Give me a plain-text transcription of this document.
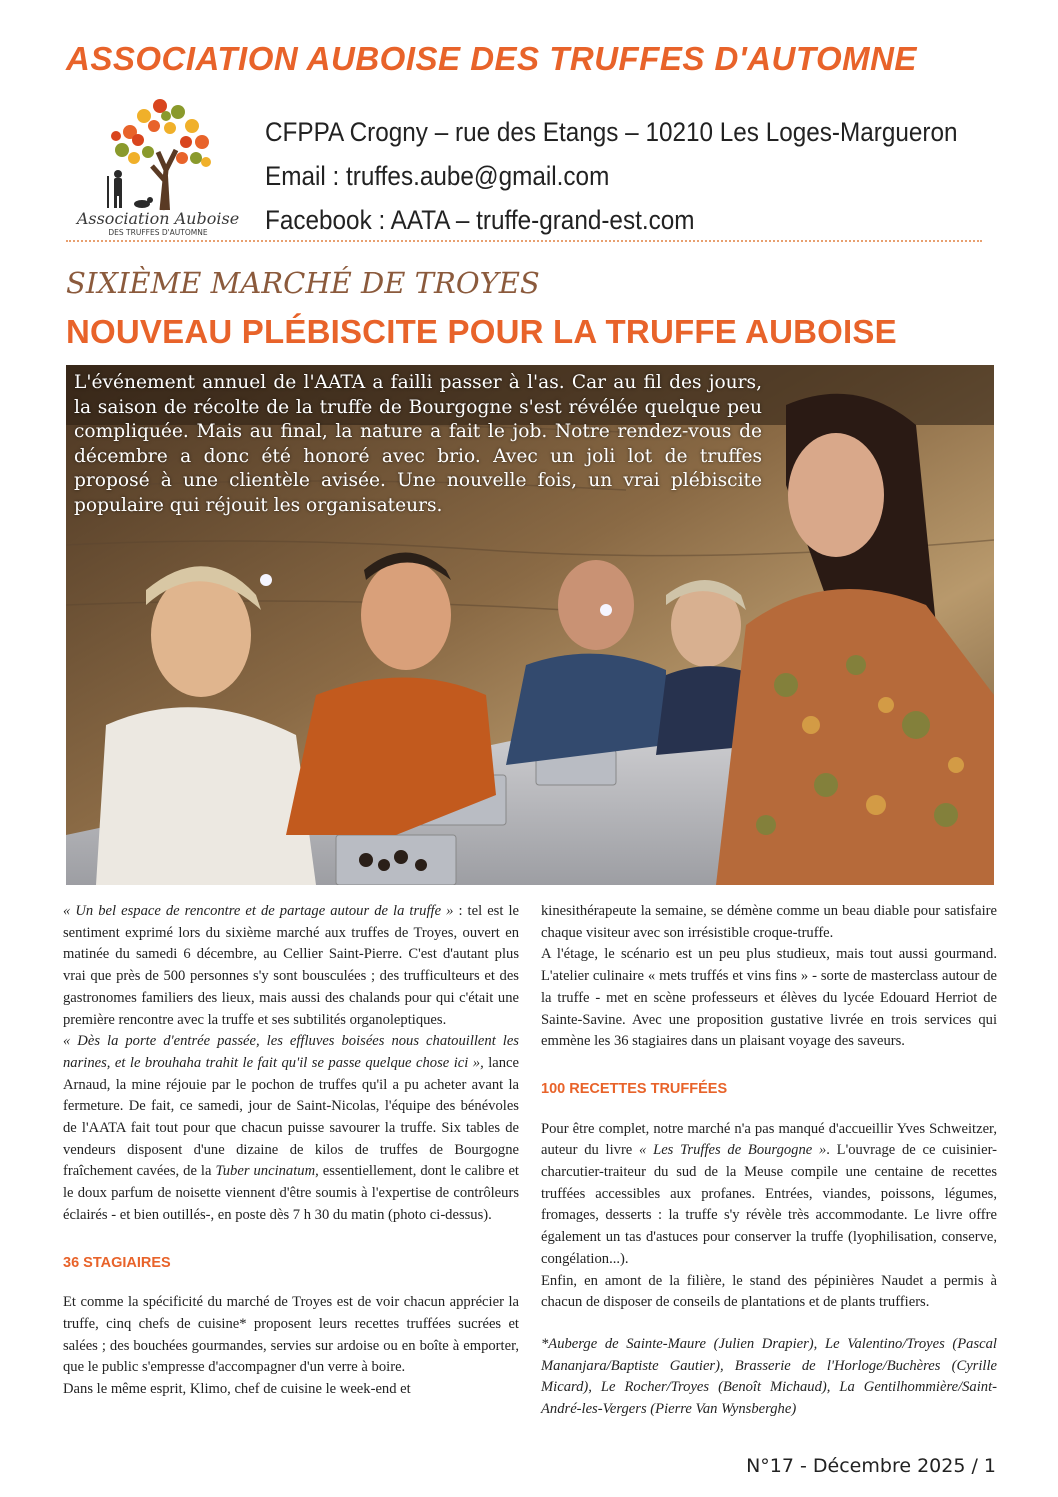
ASSOCIATION AUBOISE DES TRUFFES D'AUTOMNE
Association Auboise
DES TRUFFES D'AUTOMNE
CFPPA Crogny – rue des Etangs – 10210 Les Loges-Margueron
Email : truffes.aube@gmail.com
Facebook : AATA – truffe-grand-est.com
SIXIÈME MARCHÉ DE TROYES
NOUVEAU PLÉBISCITE POUR LA TRUFFE AUBOISE
L'événement annuel de l'AATA a failli passer à l'as. Car au fil des jours, la saison de récolte de la truffe de Bourgogne s'est révélée quelque peu compliquée. Mais au final, la nature a fait le job. Notre rendez-vous de décembre a donc été honoré avec brio. Avec un joli lot de truffes proposé à une clientèle avisée. Une nouvelle fois, un vrai plébiscite populaire qui réjouit les organisateurs.

« Un bel espace de rencontre et de partage autour de la truffe » : tel est le sentiment exprimé lors du sixième marché aux truffes de Troyes, ouvert en matinée du samedi 6 décembre, au Cellier Saint-Pierre. C'est d'autant plus vrai que près de 500 personnes s'y sont bousculées ; des trufficulteurs et des gastronomes familiers des lieux, mais aussi des chalands pour qui c'était une première rencontre avec la truffe et ses subtilités organoleptiques.

« Dès la porte d'entrée passée, les effluves boisées nous chatouillent les narines, et le brouhaha trahit le fait qu'il se passe quelque chose ici », lance Arnaud, la mine réjouie par le pochon de truffes qu'il a pu acheter avant la fermeture. De fait, ce samedi, jour de Saint-Nicolas, l'équipe des bénévoles de l'AATA fait tout pour que chacun puisse savourer la truffe. Six tables de vendeurs disposent d'une dizaine de kilos de truffes de Bourgogne fraîchement cavées, de la Tuber uncinatum, essentiellement, dont le calibre et le doux parfum de noisette viennent d'être soumis à l'expertise de contrôleurs éclairés - et bien outillés-, en poste dès 7 h 30 du matin (photo ci-dessus).

36 STAGIAIRES

Et comme la spécificité du marché de Troyes est de voir chacun apprécier la truffe, cinq chefs de cuisine* proposent leurs recettes truffées sucrées et salées ; des bouchées gourmandes, servies sur ardoise ou en boîte à emporter, que le public s'empresse d'accompagner d'un verre à boire.

Dans le même esprit, Klimo, chef de cuisine le week-end et

kinesithérapeute la semaine, se démène comme un beau diable pour satisfaire chaque visiteur avec son irrésistible croque-truffe.

A l'étage, le scénario est un peu plus studieux, mais tout aussi gourmand. L'atelier culinaire « mets truffés et vins fins » - sorte de masterclass autour de la truffe - met en scène professeurs et élèves du lycée Edouard Herriot de Sainte-Savine. Avec une proposition gustative livrée en trois services qui emmène les 36 stagiaires dans un plaisant voyage des saveurs.

100 RECETTES TRUFFÉES

Pour être complet, notre marché n'a pas manqué d'accueillir Yves Schweitzer, auteur du livre « Les Truffes de Bourgogne ». L'ouvrage de ce cuisinier-charcutier-traiteur du sud de la Meuse compile une centaine de recettes truffées accessibles aux profanes. Entrées, viandes, poissons, légumes, fromages, desserts : la truffe s'y révèle très accommodante. Le livre offre également un tas d'astuces pour conserver la truffe (lyophilisation, conserve, congélation...).

Enfin, en amont de la filière, le stand des pépinières Naudet a permis à chacun de disposer de conseils de plantations et de plants truffiers.

*Auberge de Sainte-Maure (Julien Drapier), Le Valentino/Troyes (Pascal Mananjara/Baptiste Gautier), Brasserie de l'Horloge/Buchères (Cyrille Micard), Le Rocher/Troyes (Benoît Michaud), La Gentilhommière/Saint-André-les-Vergers (Pierre Van Wynsberghe)

N°17 - Décembre 2025 / 1
